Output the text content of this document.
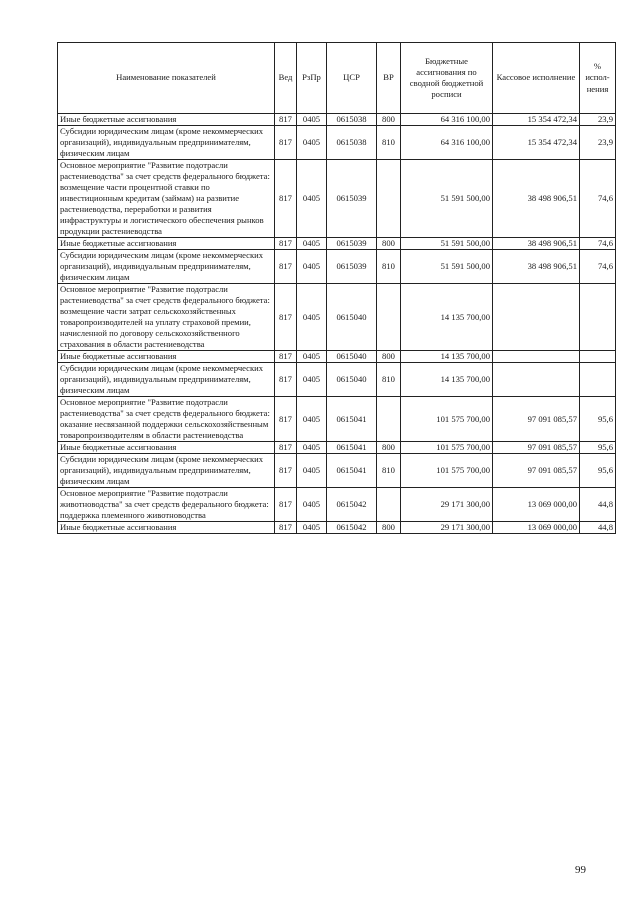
Наименование показателей	Вед	РзПр	ЦСР	ВР	Бюджетные ассигнования по сводной бюджетной росписи	Кассовое исполнение	% испол-нения
Иные бюджетные ассигнования	817	0405	0615038	800	64 316 100,00	15 354 472,34	23,9
Субсидии юридическим лицам (кроме некоммерческих организаций), индивидуальным предпринимателям, физическим лицам	817	0405	0615038	810	64 316 100,00	15 354 472,34	23,9
Основное мероприятие "Развитие подотрасли растениеводства" за счет средств федерального бюджета: возмещение части процентной ставки по инвестиционным кредитам (займам) на развитие растениеводства, переработки и развития инфраструктуры и логистического обеспечения рынков продукции растениеводства	817	0405	0615039		51 591 500,00	38 498 906,51	74,6
Иные бюджетные ассигнования	817	0405	0615039	800	51 591 500,00	38 498 906,51	74,6
Субсидии юридическим лицам (кроме некоммерческих организаций), индивидуальным предпринимателям, физическим лицам	817	0405	0615039	810	51 591 500,00	38 498 906,51	74,6
Основное мероприятие "Развитие подотрасли растениеводства" за счет средств федерального бюджета: возмещение части затрат сельскохозяйственных товаропроизводителей на уплату страховой премии, начисленной по договору сельскохозяйственного страхования в области растениеводства	817	0405	0615040		14 135 700,00		
Иные бюджетные ассигнования	817	0405	0615040	800	14 135 700,00		
Субсидии юридическим лицам (кроме некоммерческих организаций), индивидуальным предпринимателям, физическим лицам	817	0405	0615040	810	14 135 700,00		
Основное мероприятие "Развитие подотрасли растениеводства" за счет средств федерального бюджета: оказание несвязанной поддержки сельскохозяйственным товаропроизводителям в области растениеводства	817	0405	0615041		101 575 700,00	97 091 085,57	95,6
Иные бюджетные ассигнования	817	0405	0615041	800	101 575 700,00	97 091 085,57	95,6
Субсидии юридическим лицам (кроме некоммерческих организаций), индивидуальным предпринимателям, физическим лицам	817	0405	0615041	810	101 575 700,00	97 091 085,57	95,6
Основное мероприятие "Развитие подотрасли животноводства" за счет средств федерального бюджета: поддержка племенного животноводства	817	0405	0615042		29 171 300,00	13 069 000,00	44,8
Иные бюджетные ассигнования	817	0405	0615042	800	29 171 300,00	13 069 000,00	44,8
99
